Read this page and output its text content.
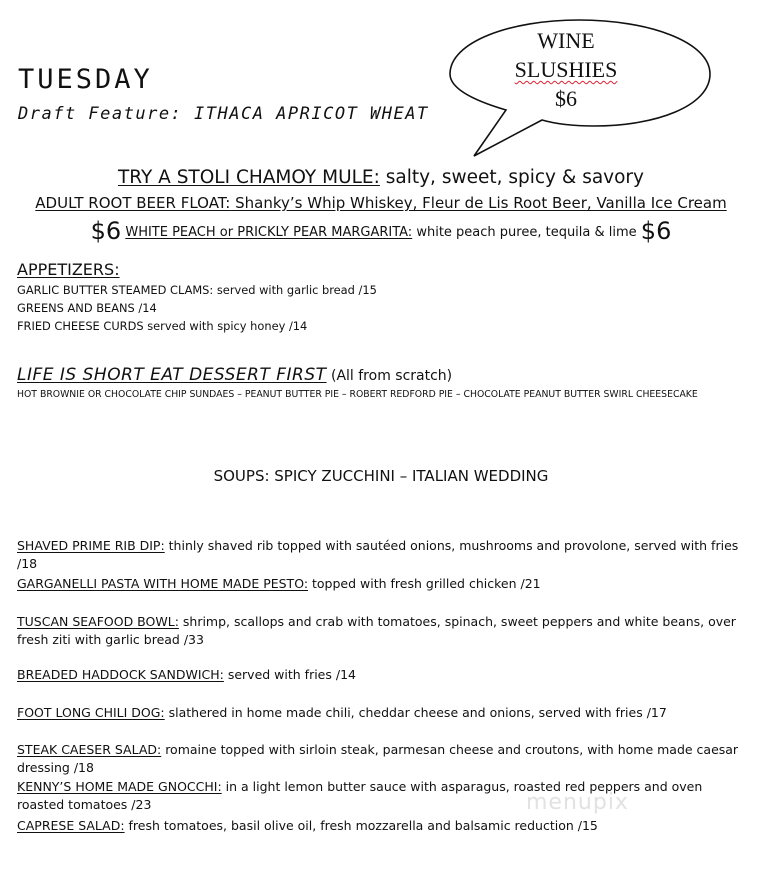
TUESDAY
Draft Feature: ITHACA APRICOT WHEAT
WINE
SLUSHIES
$6
TRY A STOLI CHAMOY MULE: salty, sweet, spicy & savory
ADULT ROOT BEER FLOAT: Shanky’s Whip Whiskey, Fleur de Lis Root Beer, Vanilla Ice Cream
$6 WHITE PEACH or PRICKLY PEAR MARGARITA: white peach puree, tequila & lime $6
APPETIZERS:
GARLIC BUTTER STEAMED CLAMS: served with garlic bread /15
GREENS AND BEANS /14
FRIED CHEESE CURDS served with spicy honey /14
LIFE IS SHORT EAT DESSERT FIRST (All from scratch)
HOT BROWNIE OR CHOCOLATE CHIP SUNDAES – PEANUT BUTTER PIE – ROBERT REDFORD PIE – CHOCOLATE PEANUT BUTTER SWIRL CHEESECAKE
SOUPS: SPICY ZUCCHINI – ITALIAN WEDDING
SHAVED PRIME RIB DIP: thinly shaved rib topped with sautéed onions, mushrooms and provolone, served with fries /18
GARGANELLI PASTA WITH HOME MADE PESTO: topped with fresh grilled chicken /21
TUSCAN SEAFOOD BOWL: shrimp, scallops and crab with tomatoes, spinach, sweet peppers and white beans, over fresh ziti with garlic bread /33
BREADED HADDOCK SANDWICH: served with fries /14
FOOT LONG CHILI DOG: slathered in home made chili, cheddar cheese and onions, served with fries /17
STEAK CAESER SALAD: romaine topped with sirloin steak, parmesan cheese and croutons, with home made caesar dressing /18
KENNY’S HOME MADE GNOCCHI: in a light lemon butter sauce with asparagus, roasted red peppers and oven roasted tomatoes /23
CAPRESE SALAD: fresh tomatoes, basil olive oil, fresh mozzarella and balsamic reduction /15
menupix
